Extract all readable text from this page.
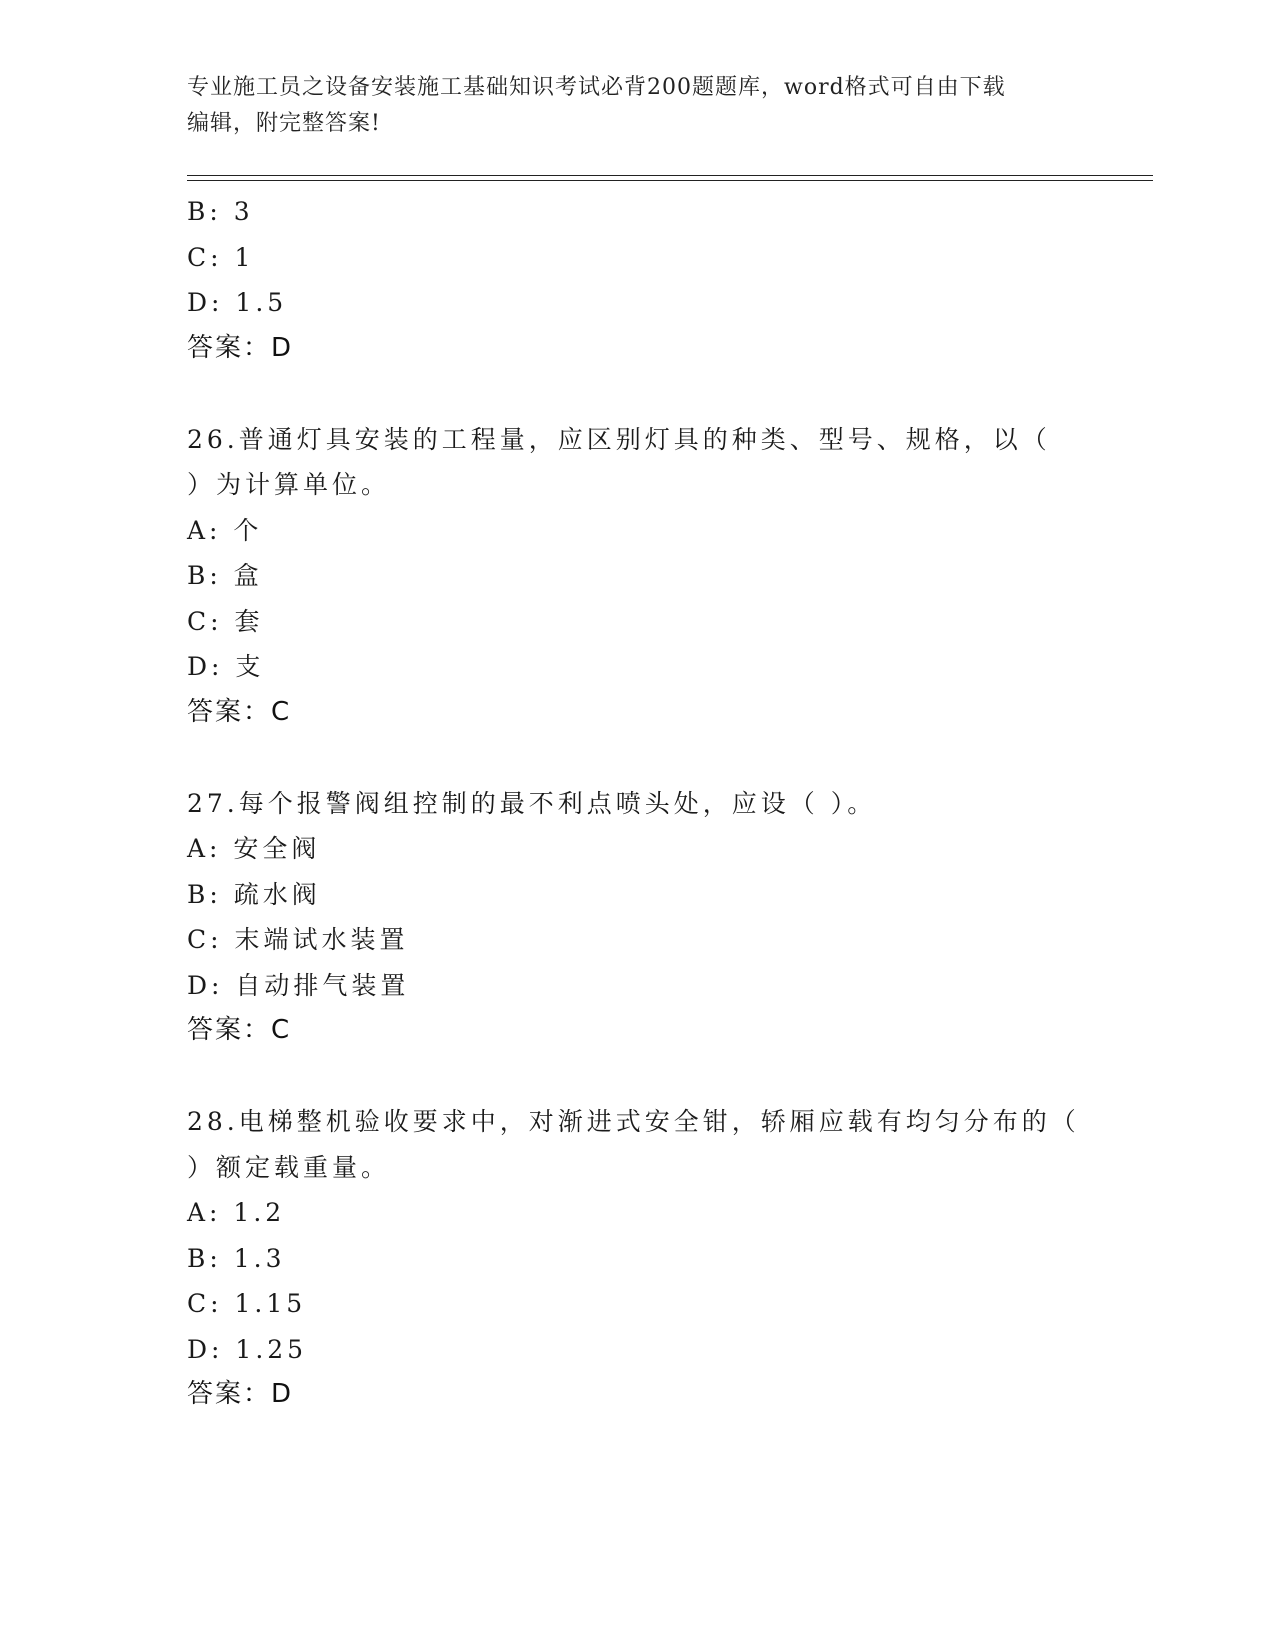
专业施工员之设备安装施工基础知识考试必背200题题库，word格式可自由下载
编辑，附完整答案!
B: 3
C: 1
D: 1.5
答案：D
26.普通灯具安装的工程量，应区别灯具的种类、型号、规格，以（
）为计算单位。
A: 个
B: 盒
C: 套
D: 支
答案：C
27.每个报警阀组控制的最不利点喷头处，应设（ ）。
A: 安全阀
B: 疏水阀
C: 末端试水装置
D: 自动排气装置
答案：C
28.电梯整机验收要求中，对渐进式安全钳，轿厢应载有均匀分布的（
）额定载重量。
A: 1.2
B: 1.3
C: 1.15
D: 1.25
答案：D
